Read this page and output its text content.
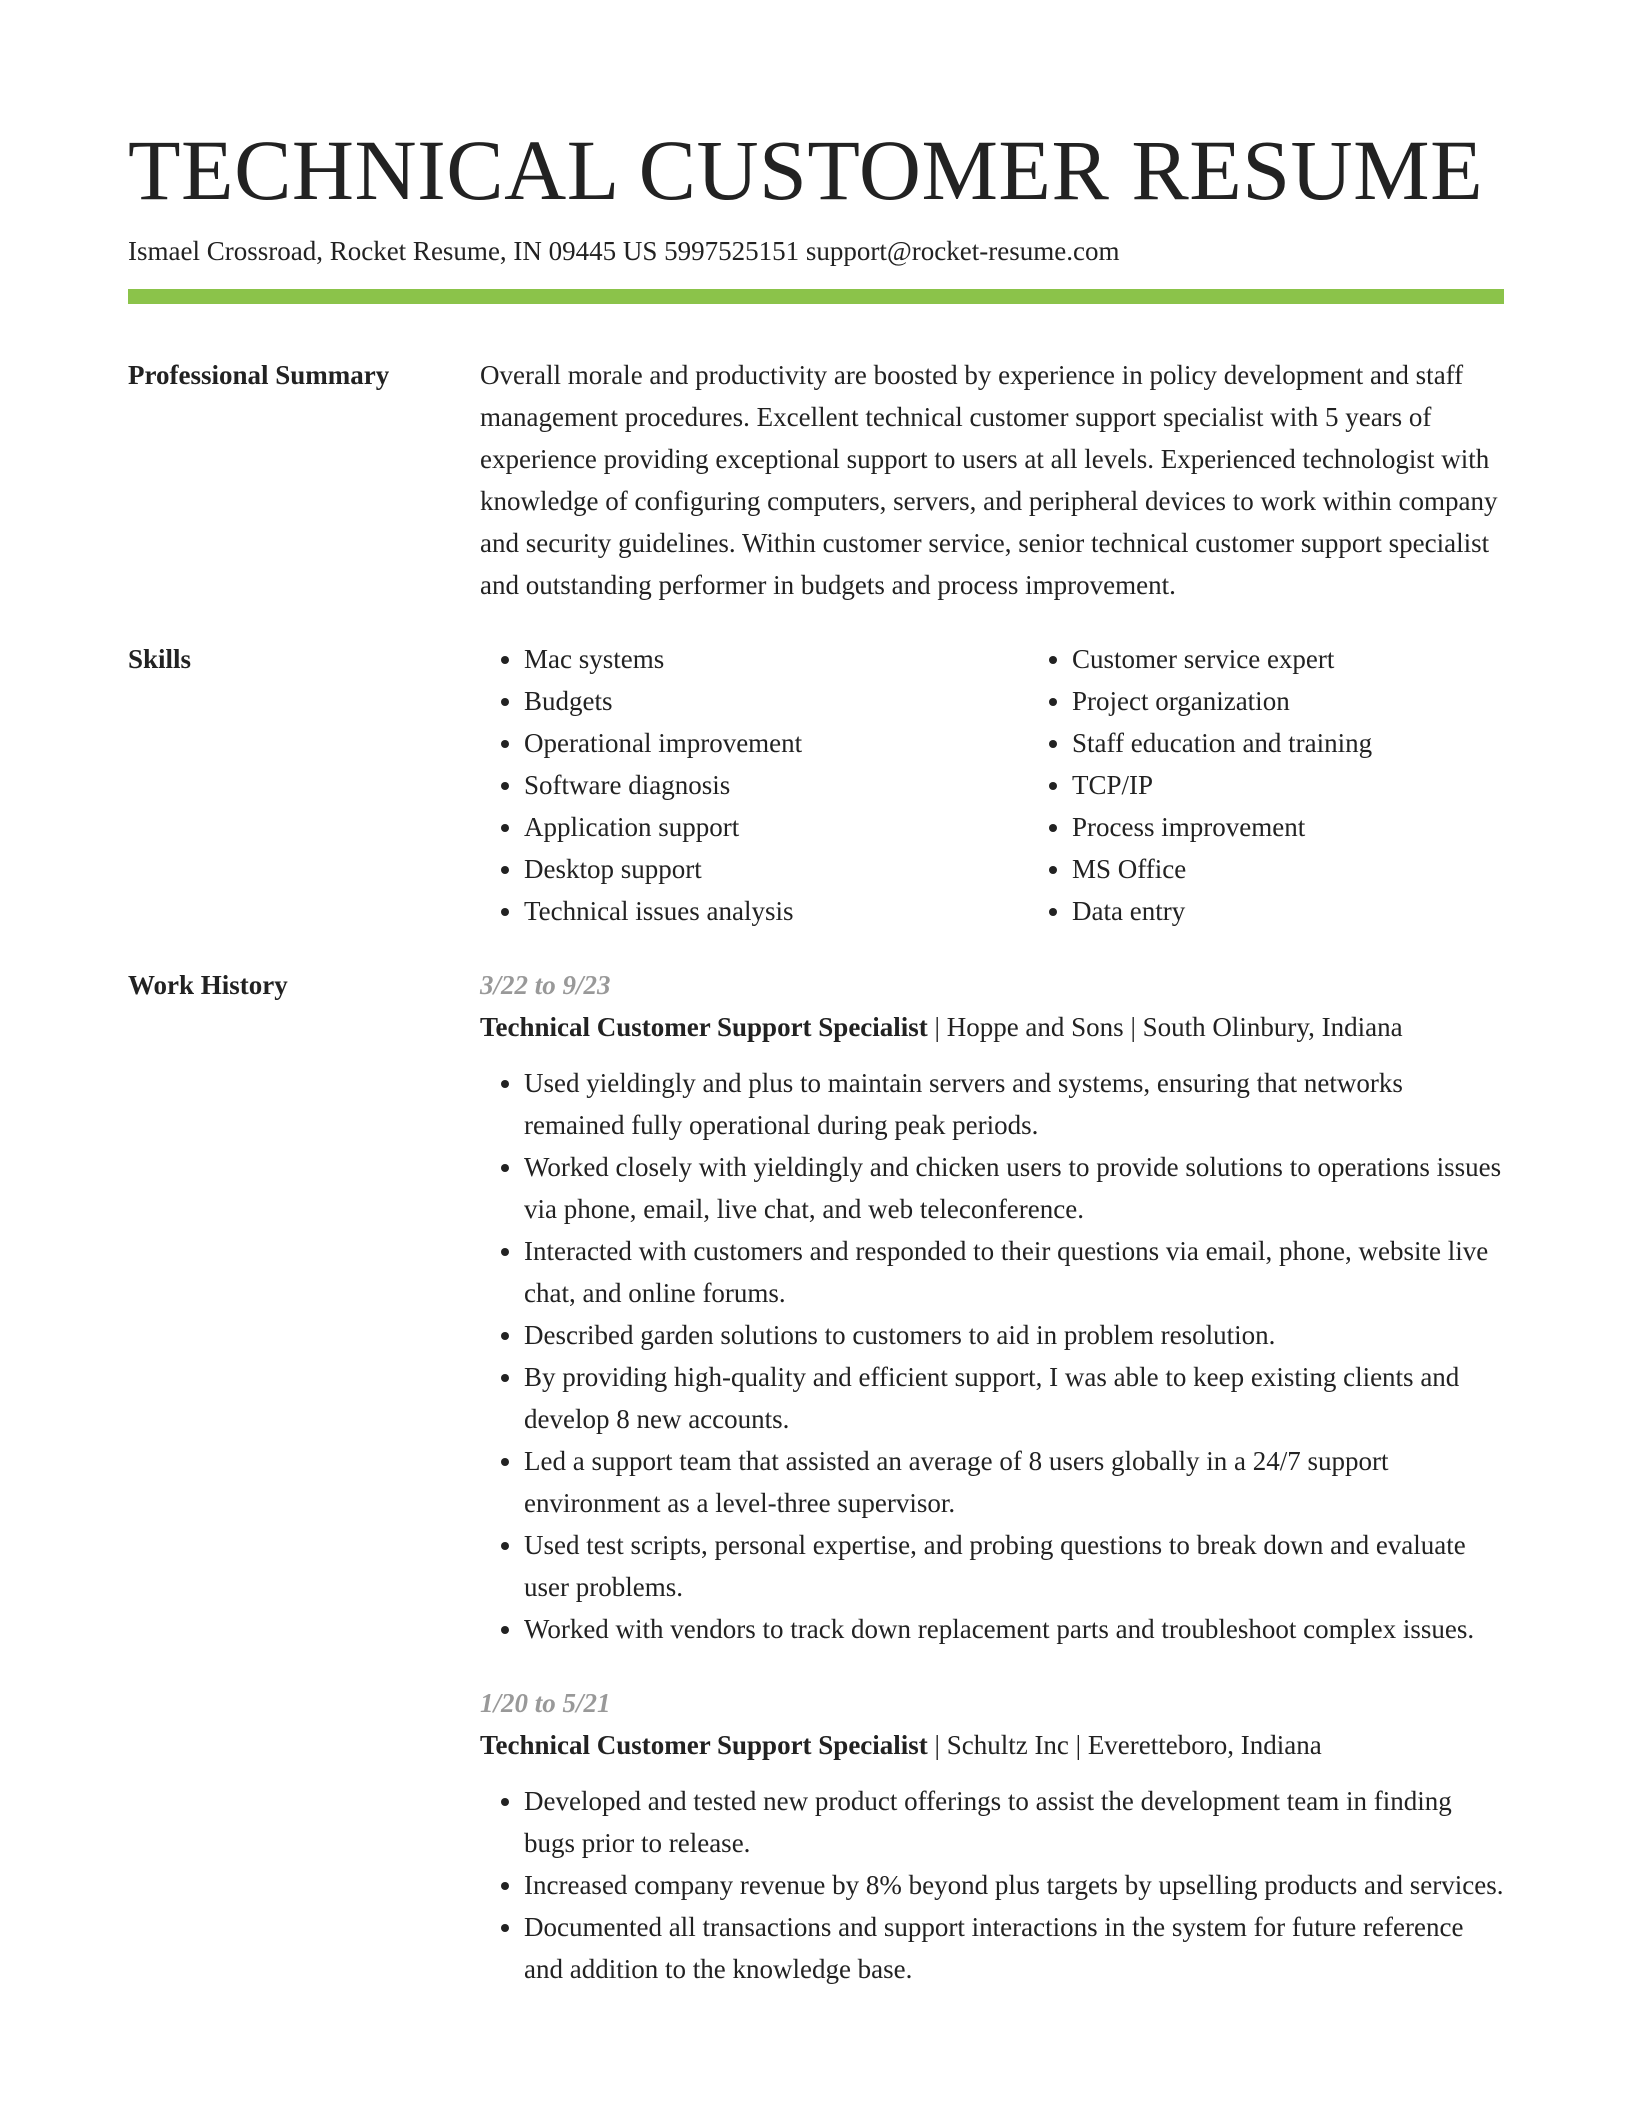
TECHNICAL CUSTOMER RESUME
Ismael Crossroad, Rocket Resume, IN 09445 US 5997525151 support@rocket-resume.com
Professional Summary	Overall morale and productivity are boosted by experience in policy development and staff management procedures. Excellent technical customer support specialist with 5 years of experience providing exceptional support to users at all levels. Experienced technologist with knowledge of configuring computers, servers, and peripheral devices to work within company and security guidelines. Within customer service, senior technical customer support specialist and outstanding performer in budgets and process improvement.

Skills
•	Mac systems
• Budgets
• Operational improvement
• Software diagnosis
• Application support
• Desktop support
• Technical issues analysis
• Customer service expert
• Project organization
• Staff education and training
• TCP/IP
• Process improvement
• MS Office
• Data entry
Work History	3/22 to 9/23
Technical Customer Support Specialist | Hoppe and Sons | South Olinbury, Indiana
• Used yieldingly and plus to maintain servers and systems, ensuring that networks remained fully operational during peak periods.
• Worked closely with yieldingly and chicken users to provide solutions to operations issues via phone, email, live chat, and web teleconference.
• Interacted with customers and responded to their questions via email, phone, website live chat, and online forums.
• Described garden solutions to customers to aid in problem resolution.
• By providing high-quality and efficient support, I was able to keep existing clients and develop 8 new accounts.
• Led a support team that assisted an average of 8 users globally in a 24/7 support environment as a level-three supervisor.
• Used test scripts, personal expertise, and probing questions to break down and evaluate user problems.
• Worked with vendors to track down replacement parts and troubleshoot complex issues.
1/20 to 5/21
Technical Customer Support Specialist | Schultz Inc | Everetteboro, Indiana
• Developed and tested new product offerings to assist the development team in finding bugs prior to release.
• Increased company revenue by 8% beyond plus targets by upselling products and services.
• Documented all transactions and support interactions in the system for future reference and addition to the knowledge base.
